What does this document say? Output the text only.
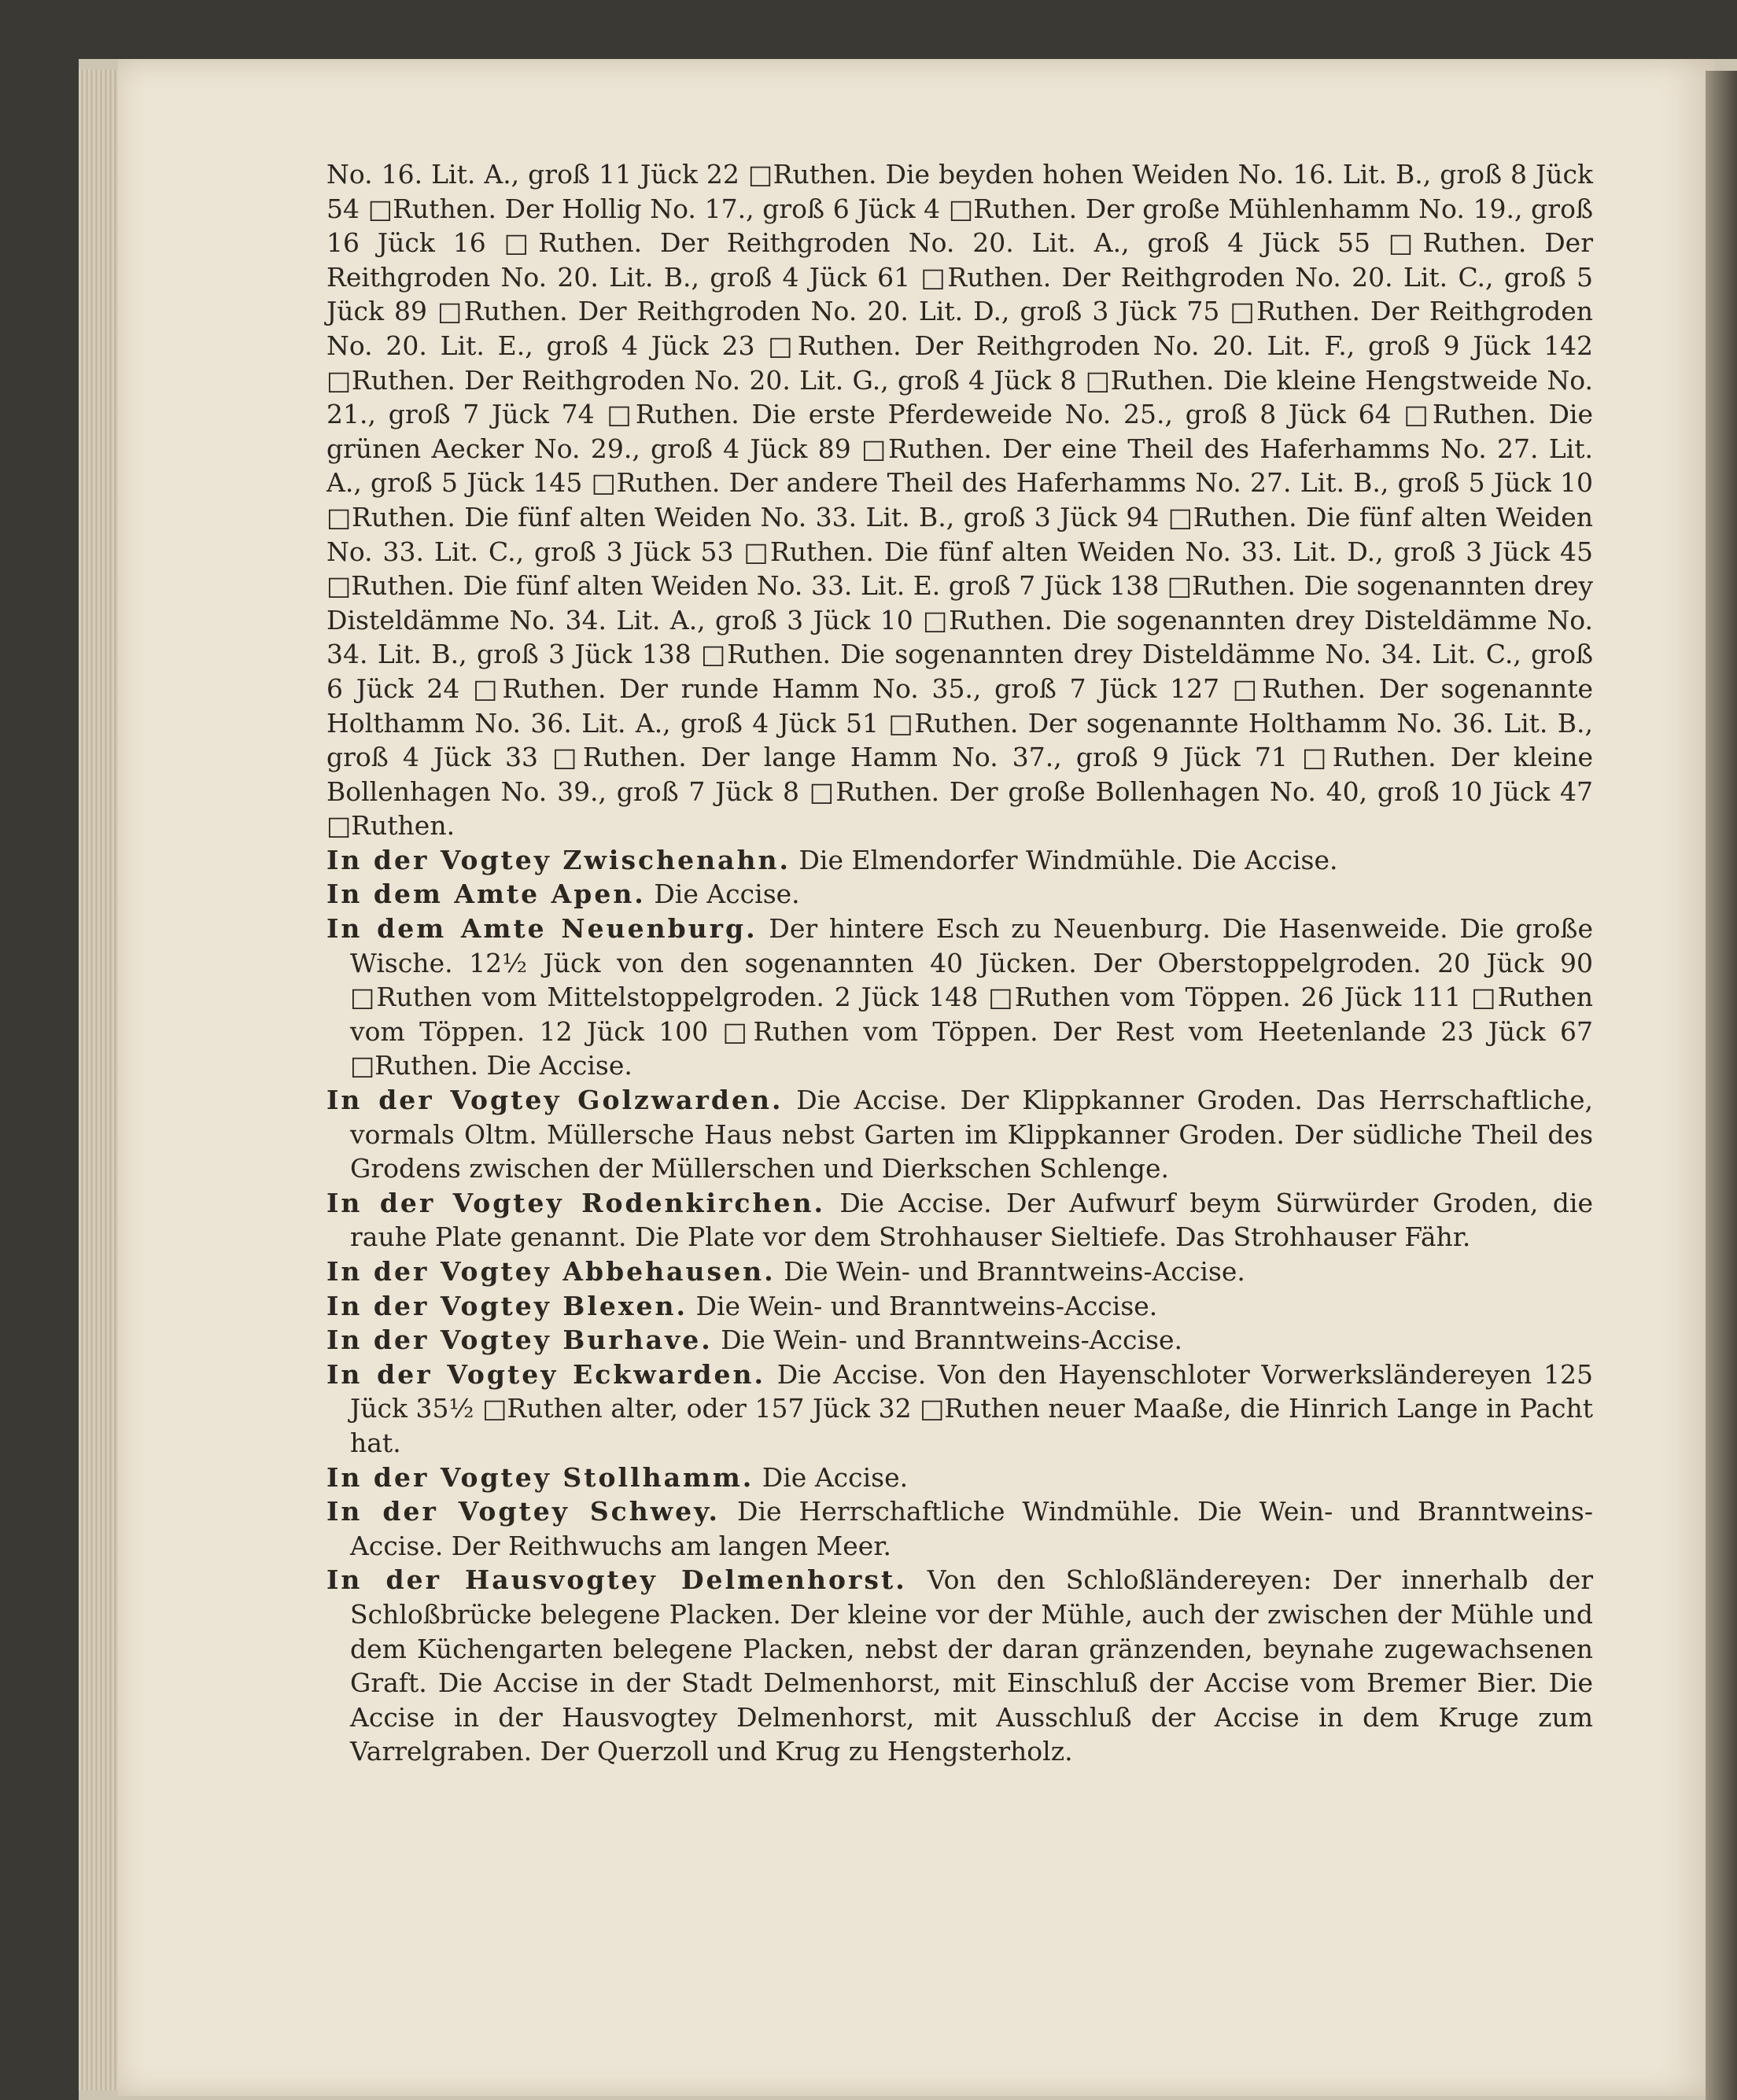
No. 16. Lit. A., groß 11 Jück 22 □Ruthen. Die beyden hohen Weiden No. 16. Lit. B., groß 8 Jück 54 □Ruthen. Der Hollig No. 17., groß 6 Jück 4 □Ruthen. Der große Mühlenhamm No. 19., groß 16 Jück 16 □Ruthen. Der Reithgroden No. 20. Lit. A., groß 4 Jück 55 □Ruthen. Der Reithgroden No. 20. Lit. B., groß 4 Jück 61 □Ruthen. Der Reithgroden No. 20. Lit. C., groß 5 Jück 89 □Ruthen. Der Reithgroden No. 20. Lit. D., groß 3 Jück 75 □Ruthen. Der Reithgroden No. 20. Lit. E., groß 4 Jück 23 □Ruthen. Der Reithgroden No. 20. Lit. F., groß 9 Jück 142 □Ruthen. Der Reithgroden No. 20. Lit. G., groß 4 Jück 8 □Ruthen. Die kleine Hengstweide No. 21., groß 7 Jück 74 □Ruthen. Die erste Pferdeweide No. 25., groß 8 Jück 64 □Ruthen. Die grünen Aecker No. 29., groß 4 Jück 89 □Ruthen. Der eine Theil des Haferhamms No. 27. Lit. A., groß 5 Jück 145 □Ruthen. Der andere Theil des Haferhamms No. 27. Lit. B., groß 5 Jück 10 □Ruthen. Die fünf alten Weiden No. 33. Lit. B., groß 3 Jück 94 □Ruthen. Die fünf alten Weiden No. 33. Lit. C., groß 3 Jück 53 □Ruthen. Die fünf alten Weiden No. 33. Lit. D., groß 3 Jück 45 □Ruthen. Die fünf alten Weiden No. 33. Lit. E. groß 7 Jück 138 □Ruthen. Die sogenannten drey Disteldämme No. 34. Lit. A., groß 3 Jück 10 □Ruthen. Die sogenannten drey Disteldämme No. 34. Lit. B., groß 3 Jück 138 □Ruthen. Die sogenannten drey Disteldämme No. 34. Lit. C., groß 6 Jück 24 □Ruthen. Der runde Hamm No. 35., groß 7 Jück 127 □Ruthen. Der sogenannte Holthamm No. 36. Lit. A., groß 4 Jück 51 □Ruthen. Der sogenannte Holthamm No. 36. Lit. B., groß 4 Jück 33 □Ruthen. Der lange Hamm No. 37., groß 9 Jück 71 □Ruthen. Der kleine Bollenhagen No. 39., groß 7 Jück 8 □Ruthen. Der große Bollenhagen No. 40, groß 10 Jück 47 □Ruthen.

In der Vogtey Zwischenahn. Die Elmendorfer Windmühle. Die Accise.

In dem Amte Apen. Die Accise.

In dem Amte Neuenburg. Der hintere Esch zu Neuenburg. Die Hasenweide. Die große Wische. 12½ Jück von den sogenannten 40 Jücken. Der Oberstoppelgroden. 20 Jück 90 □Ruthen vom Mittelstoppelgroden. 2 Jück 148 □Ruthen vom Töppen. 26 Jück 111 □Ruthen vom Töppen. 12 Jück 100 □Ruthen vom Töppen. Der Rest vom Heetenlande 23 Jück 67 □Ruthen. Die Accise.

In der Vogtey Golzwarden. Die Accise. Der Klippkanner Groden. Das Herrschaftliche, vormals Oltm. Müllersche Haus nebst Garten im Klippkanner Groden. Der südliche Theil des Grodens zwischen der Müllerschen und Dierkschen Schlenge.

In der Vogtey Rodenkirchen. Die Accise. Der Aufwurf beym Sürwürder Groden, die rauhe Plate genannt. Die Plate vor dem Strohhauser Sieltiefe. Das Strohhauser Fähr.

In der Vogtey Abbehausen. Die Wein- und Branntweins-Accise.

In der Vogtey Blexen. Die Wein- und Branntweins-Accise.

In der Vogtey Burhave. Die Wein- und Branntweins-Accise.

In der Vogtey Eckwarden. Die Accise. Von den Hayenschloter Vorwerksländereyen 125 Jück 35½ □Ruthen alter, oder 157 Jück 32 □Ruthen neuer Maaße, die Hinrich Lange in Pacht hat.

In der Vogtey Stollhamm. Die Accise.

In der Vogtey Schwey. Die Herrschaftliche Windmühle. Die Wein- und Branntweins-Accise. Der Reithwuchs am langen Meer.

In der Hausvogtey Delmenhorst. Von den Schloßländereyen: Der innerhalb der Schloßbrücke belegene Placken. Der kleine vor der Mühle, auch der zwischen der Mühle und dem Küchengarten belegene Placken, nebst der daran gränzenden, beynahe zugewachsenen Graft. Die Accise in der Stadt Delmenhorst, mit Einschluß der Accise vom Bremer Bier. Die Accise in der Hausvogtey Delmenhorst, mit Ausschluß der Accise in dem Kruge zum Varrelgraben. Der Querzoll und Krug zu Hengsterholz.
